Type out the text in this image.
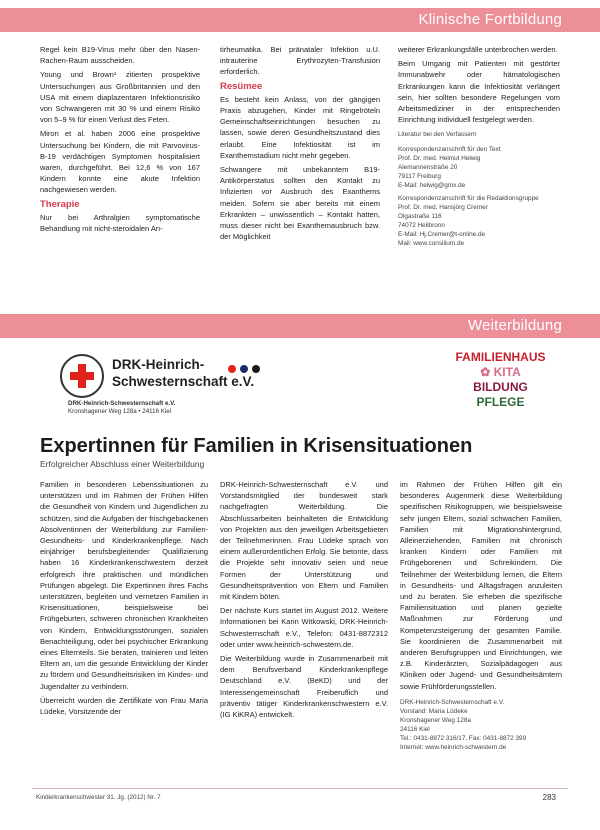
Klinische Fortbildung

Regel kein B19-Virus mehr über den Nasen-Rachen-Raum ausscheiden.

Young und Brown¹ zitierten prospektive Untersuchungen aus Großbritannien und den USA mit einem diaplazentaren Infektionsrisiko von Schwangeren mit 30 % und einem Risiko von 5–9 % für einen Verlust des Feten.

Miron et al. haben 2006 eine prospektive Untersuchung bei Kindern, die mit Parvovirus-B-19 verdächtigen Symptomen hospitalisiert waren, durchgeführt. Bei 12,6 % von 167 Kindern konnte eine akute Infektion nachgewiesen werden.

Therapie

Nur bei Arthralgien symptomatische Behandlung mit nicht-steroidalen An-

tirheumatika. Bei pränataler Infektion u.U. intrauterine Erythrozyten-Transfusion erforderlich.

Resümee

Es besteht kein Anlass, von der gängigen Praxis abzugehen, Kinder mit Ringelröteln Gemeinschaftseinrichtungen besuchen zu lassen, sowie deren Gesundheitszustand dies erlaubt. Eine Infektiosität ist im Exanthemstadium nicht mehr gegeben.

Schwangere mit unbekanntem B19-Antikörperstatus sollten den Kontakt zu Infizierten vor Ausbruch des Exanthems meiden. Sofern sie aber bereits mit einem Erkrankten – unwissentlich – Kontakt hatten, muss dieser nicht bei Exanthemausbruch bzw. der Möglichkeit

weiterer Erkrankungsfälle unterbrochen werden.

Beim Umgang mit Patienten mit gestörter Immunabwehr oder hämatologischen Erkrankungen kann die Infektiosität verlängert sein, hier sollten besondere Regelungen vom Arbeitsmediziner in der entsprechenden Einrichtung individuell festgelegt werden.

Literatur bei den Verfassern
Korrespondenzanschrift für den Text
Prof. Dr. med. Helmut Helwig
Alemannenstraße 20
79117 Freiburg
E-Mail: helwig@gmx.de
Korrespondenzanschrift für die Redaktionsgruppe
Prof. Dr. med. Hansjörg Cremer
Olgastraße 116
74072 Heilbronn
E-Mail: Hj.Cremer@t-online.de
Mail: www.consilium.de
Weiterbildung
DRK-Heinrich-
Schwesternschaft e.V.
DRK-Heinrich-Schwesternschaft e.V.
Kronshagener Weg 128a • 24116 Kiel
FAMILIENHAUS
✿ KITA
BILDUNG
PFLEGE
Expertinnen für Familien in Krisensituationen
Erfolgreicher Abschluss einer Weiterbildung

Familien in besonderen Lebenssituationen zu unterstützen und im Rahmen der Frühen Hilfen die Gesundheit von Kindern und Jugendlichen zu schützen, sind die Aufgaben der frischgebackenen Absolventinnen der Weiterbildung zur Familien-Gesundheits- und Kinderkrankenpflege. Nach einjähriger berufsbegleitender Qualifizierung haben 16 Kinderkrankenschwestern derzeit erfolgreich ihre praktischen und mündlichen Prüfungen abgelegt. Die Expertinnen ihres Fachs unterstützen, begleiten und vernetzen Familien in Krisensituationen, beispielsweise bei Frühgeburten, schweren chronischen Krankheiten von Kindern, Entwicklungsstörungen, sozialen Benachteiligung, oder bei psychischer Erkrankung eines Elternteils. Sie beraten, trainieren und leiten Eltern an, um die gesunde Entwicklung der Kinder zu fördern und Gesundheitsrisiken im Kindes- und Jugendalter zu verhindern.

Überreicht wurden die Zertifikate von Frau Maria Lüdeke, Vorsitzende der

DRK-Heinrich-Schwesternschaft e.V. und Vorstandsmitglied der bundesweit stark nachgefragten Weiterbildung. Die Abschlussarbeiten beinhalteten die Entwicklung von Projekten aus den jeweiligen Arbeitsgebieten der Teilnehmerinnen. Frau Lüdeke sprach von einem außerordentlichen Erfolg. Sie betonte, dass die Projekte sehr innovativ seien und neue Formen der Unterstützung und Gesundheitsprävention von Eltern und Familien mit Kindern böten.

Der nächste Kurs startet im August 2012. Weitere Informationen bei Karin Witkowski, DRK-Heinrich-Schwesternschaft e.V., Telefon: 0431-8872312 oder unter www.heinrich-schwestern.de.

Die Weiterbildung wurde in Zusammenarbeit mit dem Berufsverband Kinderkrankenpflege Deutschland e.V. (BeKD) und der Interessengemeinschaft Freiberuflich und präventiv tätiger Kinderkrankenschwestern e.V. (IG KiKRA) entwickelt.

im Rahmen der Frühen Hilfen gilt ein besonderes Augenmerk diese Weiterbildung spezifischen Risikogruppen, wie beispielsweise sehr jungen Eltern, sozial schwachen Familien, Familien mit Migrationshintergrund, Alleinerziehenden, Familien mit chronisch kranken Kindern oder Familien mit Frühgeborenen und Schreikindern. Die Teilnehmer der Weiterbildung lernen, die Eltern in Gesundheits- und Alltagsfragen anzuleiten und zu beraten. Sie erheben die spezifische Familiensituation und planen gezielte Maßnahmen zur Förderung und Kompetenzsteigerung der gesamten Familie. Sie koordinieren die Zusammenarbeit mit anderen Berufsgruppen und Einrichtungen, wie z.B. Kinderärzten, Sozialpädagogen aus Kliniken oder Jugend- und Gesundheitsämtern sowie Frühförderungsstellen.

DRK-Heinrich-Schwesternschaft e.V.
Vorstand: Maria Lüdeke
Kronshagener Weg 128a
24116 Kiel
Tel.: 0431-8872 316/17, Fax: 0431-8872 399
Internet: www.heinrich-schwestern.de
Kinderkrankenschwester 31. Jg. (2012) Nr. 7	283
